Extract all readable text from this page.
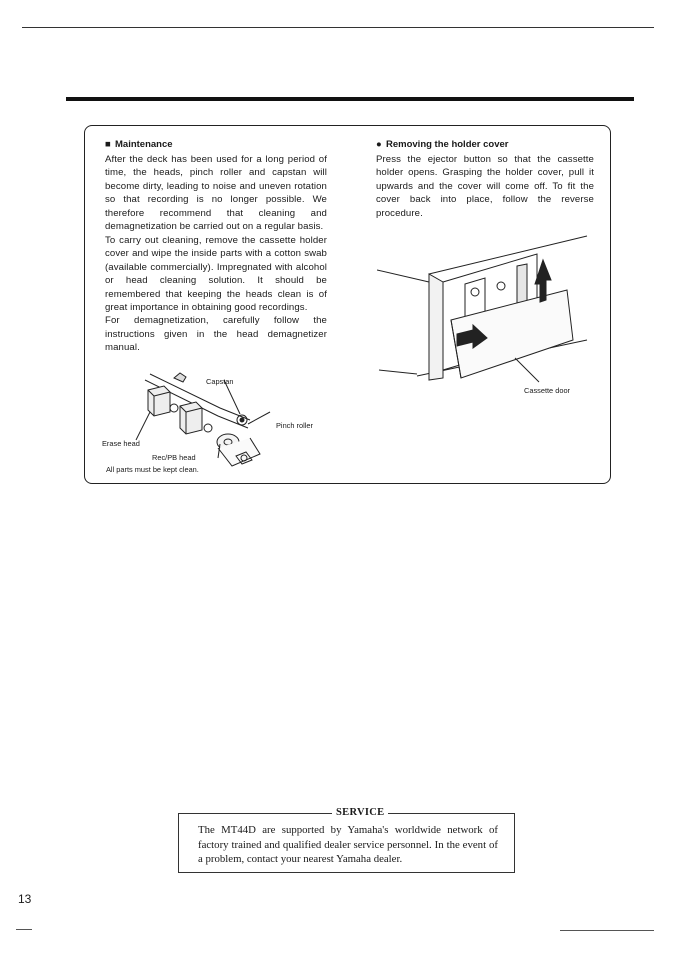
■ Maintenance

After the deck has been used for a long period of time, the heads, pinch roller and capstan will become dirty, leading to noise and uneven rotation so that recording is no longer possible. We therefore recommend that cleaning and demagnetization be carried out on a regular basis.

To carry out cleaning, remove the cassette holder cover and wipe the inside parts with a cotton swab (available commercially). Impregnated with alcohol or head cleaning solution. It should be remembered that keeping the heads clean is of great importance in obtaining good recordings.

For demagnetization, carefully follow the instructions given in the head demagnetizer manual.

Capstan
Pinch roller
Erase head
Rec/PB head
All parts must be kept clean.
● Removing the holder cover

Press the ejector button so that the cassette holder opens. Grasping the holder cover, pull it upwards and the cover will come off. To fit the cover back into place, follow the reverse procedure.

Cassette door
SERVICE
The MT44D are supported by Yamaha's worldwide network of factory trained and qualified dealer service personnel. In the event of a problem, contact your nearest Yamaha dealer.
13
